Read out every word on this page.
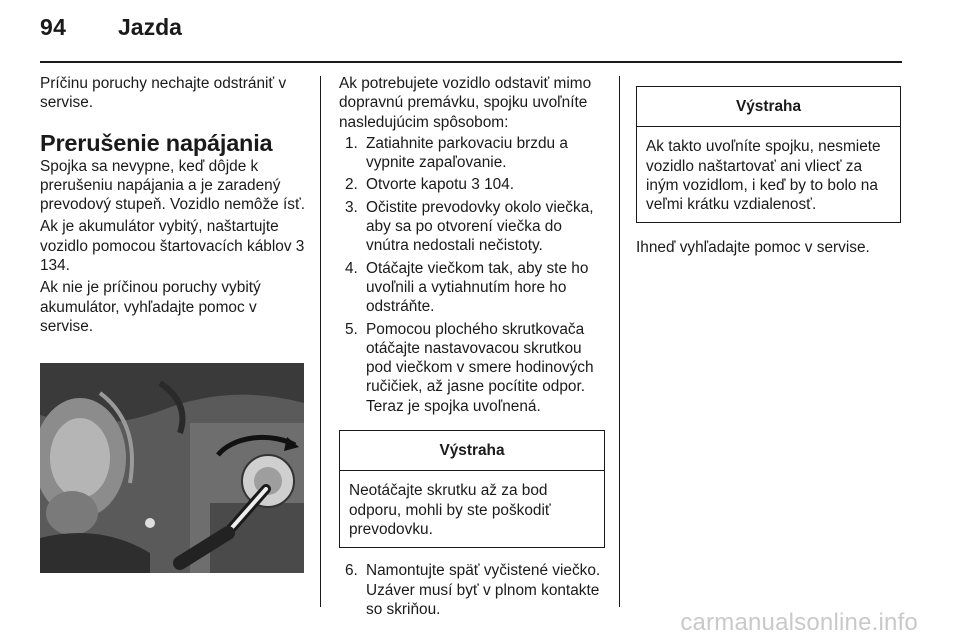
94 Jazda

Príčinu poruchy nechajte odstrániť v servise.

Prerušenie napájania

Spojka sa nevypne, keď dôjde k prerušeniu napájania a je zaradený prevodový stupeň. Vozidlo nemôže ísť.

Ak je akumulátor vybitý, naštartujte vozidlo pomocou štartovacích káblov 3 134.

Ak nie je príčinou poruchy vybitý akumulátor, vyhľadajte pomoc v servise.

Ak potrebujete vozidlo odstaviť mimo dopravnú premávku, spojku uvoľníte nasledujúcim spôsobom:

1. Zatiahnite parkovaciu brzdu a vypnite zapaľovanie.
2. Otvorte kapotu 3 104.
3. Očistite prevodovky okolo viečka, aby sa po otvorení viečka do vnútra nedostali nečistoty.
4. Otáčajte viečkom tak, aby ste ho uvoľnili a vytiahnutím hore ho odstráňte.
5. Pomocou plochého skrutkovača otáčajte nastavovacou skrutkou pod viečkom v smere hodinových ručičiek, až jasne pocítite odpor. Teraz je spojka uvoľnená.
Výstraha
Neotáčajte skrutku až za bod odporu, mohli by ste poškodiť prevodovku.
6. Namontujte späť vyčistené viečko. Uzáver musí byť v plnom kontakte so skriňou.
Výstraha
Ak takto uvoľníte spojku, nesmiete vozidlo naštartovať ani vliecť za iným vozidlom, i keď by to bolo na veľmi krátku vzdialenosť.

Ihneď vyhľadajte pomoc v servise.

carmanualsonline.info
